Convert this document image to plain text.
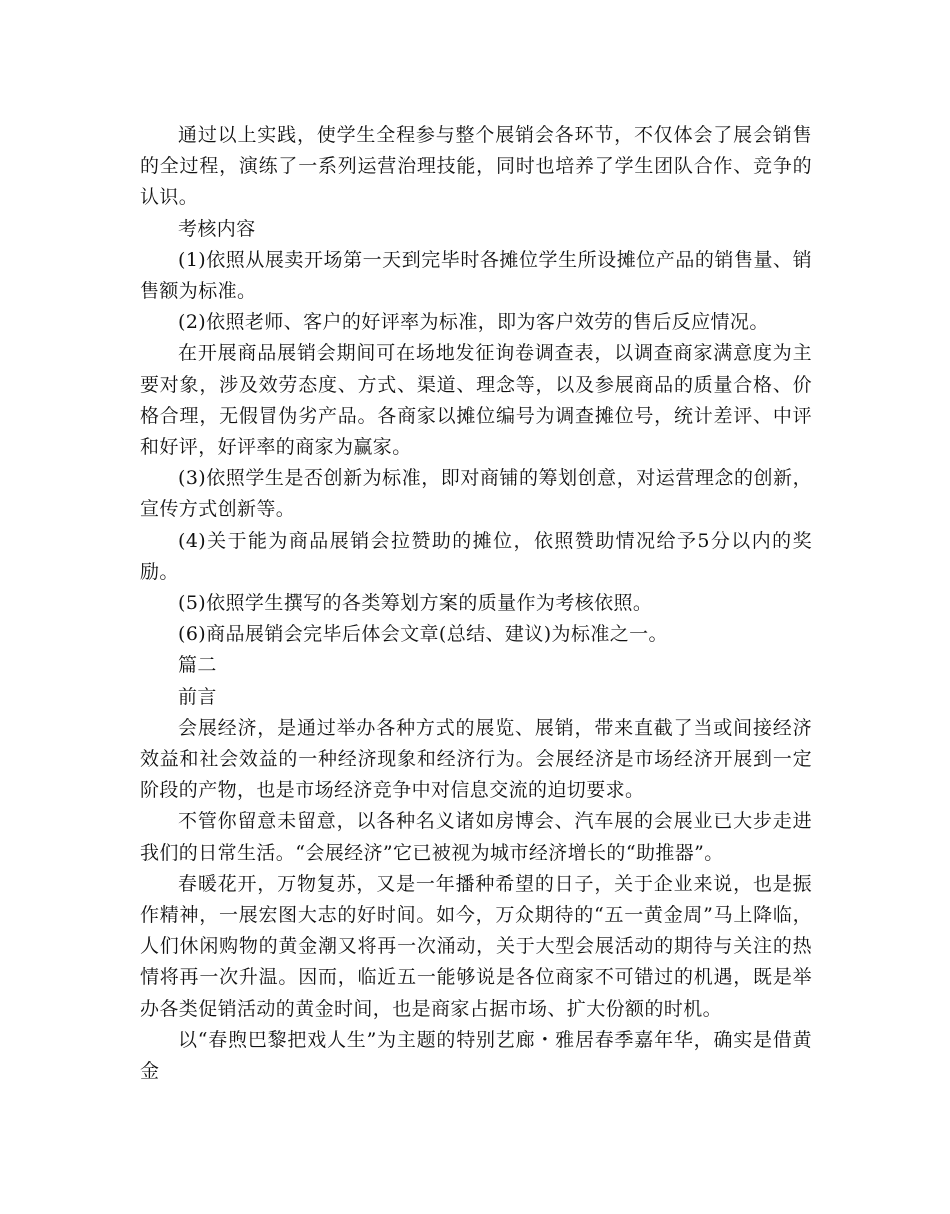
通过以上实践，使学生全程参与整个展销会各环节，不仅体会了展会销售的全过程，演练了一系列运营治理技能，同时也培养了学生团队合作、竞争的认识。

考核内容

(1)依照从展卖开场第一天到完毕时各摊位学生所设摊位产品的销售量、销售额为标准。

(2)依照老师、客户的好评率为标准，即为客户效劳的售后反应情况。

在开展商品展销会期间可在场地发征询卷调查表，以调查商家满意度为主要对象，涉及效劳态度、方式、渠道、理念等，以及参展商品的质量合格、价格合理，无假冒伪劣产品。各商家以摊位编号为调查摊位号，统计差评、中评和好评，好评率的商家为赢家。

(3)依照学生是否创新为标准，即对商铺的筹划创意，对运营理念的创新，宣传方式创新等。

(4)关于能为商品展销会拉赞助的摊位，依照赞助情况给予5分以内的奖励。

(5)依照学生撰写的各类筹划方案的质量作为考核依照。

(6)商品展销会完毕后体会文章(总结、建议)为标准之一。

篇二

前言

会展经济，是通过举办各种方式的展览、展销，带来直截了当或间接经济效益和社会效益的一种经济现象和经济行为。会展经济是市场经济开展到一定阶段的产物，也是市场经济竞争中对信息交流的迫切要求。

不管你留意未留意，以各种名义诸如房博会、汽车展的会展业已大步走进我们的日常生活。“会展经济”它已被视为城市经济增长的“助推器”。

春暖花开，万物复苏，又是一年播种希望的日子，关于企业来说，也是振作精神，一展宏图大志的好时间。如今，万众期待的“五一黄金周”马上降临，人们休闲购物的黄金潮又将再一次涌动，关于大型会展活动的期待与关注的热情将再一次升温。因而，临近五一能够说是各位商家不可错过的机遇，既是举办各类促销活动的黄金时间，也是商家占据市场、扩大份额的时机。

以“春煦巴黎把戏人生”为主题的特别艺廊・雅居春季嘉年华，确实是借黄金
